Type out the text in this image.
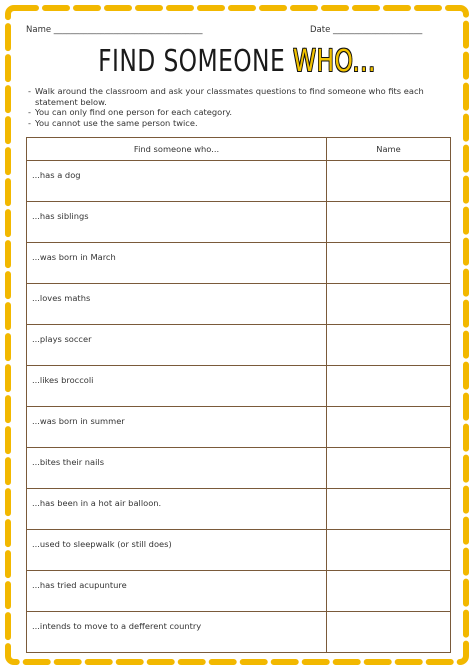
Name ___________________________________	Date _____________________
FIND SOMEONE WHO...
- Walk around the classroom and ask your classmates questions to find someone who fits each statement below.
- You can only find one person for each category.
- You cannot use the same person twice.
Find someone who...	Name
...has a dog	
...has siblings	
...was born in March	
...loves maths	
...plays soccer	
...likes broccoli	
...was born in summer	
...bites their nails	
...has been in a hot air balloon.	
...used to sleepwalk (or still does)	
...has tried acupunture	
...intends to move to a defferent country	
